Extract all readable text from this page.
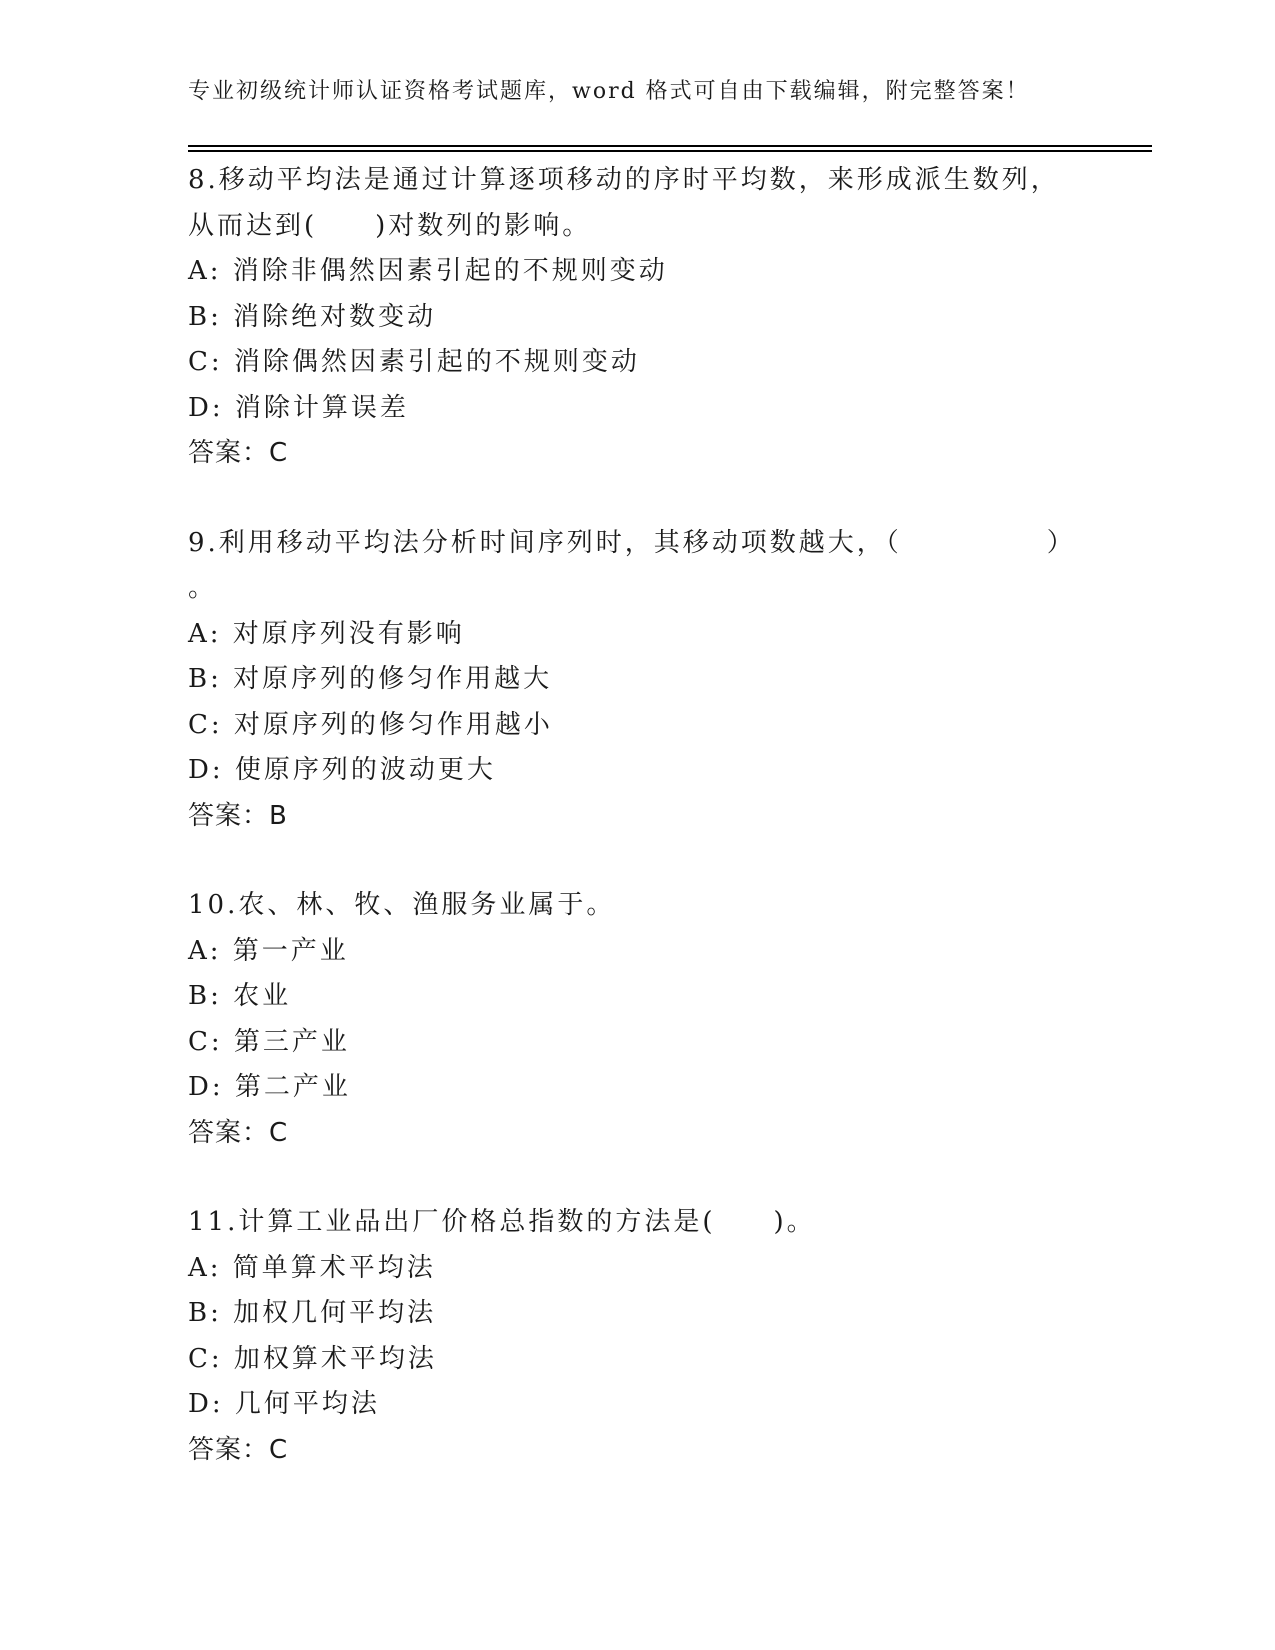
专业初级统计师认证资格考试题库，word 格式可自由下载编辑，附完整答案！
8.移动平均法是通过计算逐项移动的序时平均数，来形成派生数列，
从而达到(　　)对数列的影响。
A: 消除非偶然因素引起的不规则变动
B: 消除绝对数变动
C: 消除偶然因素引起的不规则变动
D: 消除计算误差
答案：C
9.利用移动平均法分析时间序列时，其移动项数越大，（　　　　　）
。
A: 对原序列没有影响
B: 对原序列的修匀作用越大
C: 对原序列的修匀作用越小
D: 使原序列的波动更大
答案：B
10.农、林、牧、渔服务业属于。
A: 第一产业
B: 农业
C: 第三产业
D: 第二产业
答案：C
11.计算工业品出厂价格总指数的方法是(　　)。
A: 简单算术平均法
B: 加权几何平均法
C: 加权算术平均法
D: 几何平均法
答案：C
